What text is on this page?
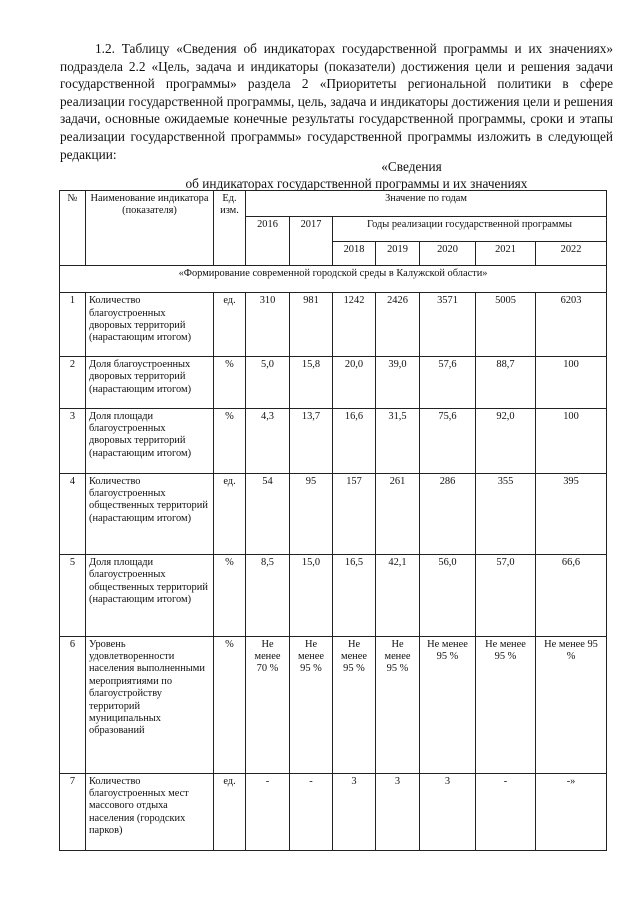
1.2. Таблицу «Сведения об индикаторах государственной программы и их значениях» подраздела 2.2 «Цель, задача и индикаторы (показатели) достижения цели и решения задачи государственной программы» раздела 2 «Приоритеты региональной политики в сфере реализации государственной программы, цель, задача и индикаторы достижения цели и решения задачи, основные ожидаемые конечные результаты государственной программы, сроки и этапы реализации государственной программы» государственной программы изложить в следующей редакции:

«Сведения
об индикаторах государственной программы и их значениях
№	Наименование индикатора (показателя)	Ед. изм.	Значение по годам						
			2016	2017	Годы реализации государственной программы				
					2018	2019	2020	2021	2022
«Формирование современной городской среды в Калужской области»									
1	Количество благоустроенных дворовых территорий (нарастающим итогом)	ед.	310	981	1242	2426	3571	5005	6203
2	Доля благоустроенных дворовых территорий (нарастающим итогом)	%	5,0	15,8	20,0	39,0	57,6	88,7	100
3	Доля площади благоустроенных дворовых территорий (нарастающим итогом)	%	4,3	13,7	16,6	31,5	75,6	92,0	100
4	Количество благоустроенных общественных территорий (нарастающим итогом)	ед.	54	95	157	261	286	355	395
5	Доля площади благоустроенных общественных территорий (нарастающим итогом)	%	8,5	15,0	16,5	42,1	56,0	57,0	66,6
6	Уровень удовлетворенности населения выполненными мероприятиями по благоустройству территорий муниципальных образований	%	Не менее 70 %	Не менее 95 %	Не менее 95 %	Не менее 95 %	Не менее 95 %	Не менее 95 %	Не менее 95 %
7	Количество благоустроенных мест массового отдыха населения (городских парков)	ед.	-	-	3	3	3	-	-»
